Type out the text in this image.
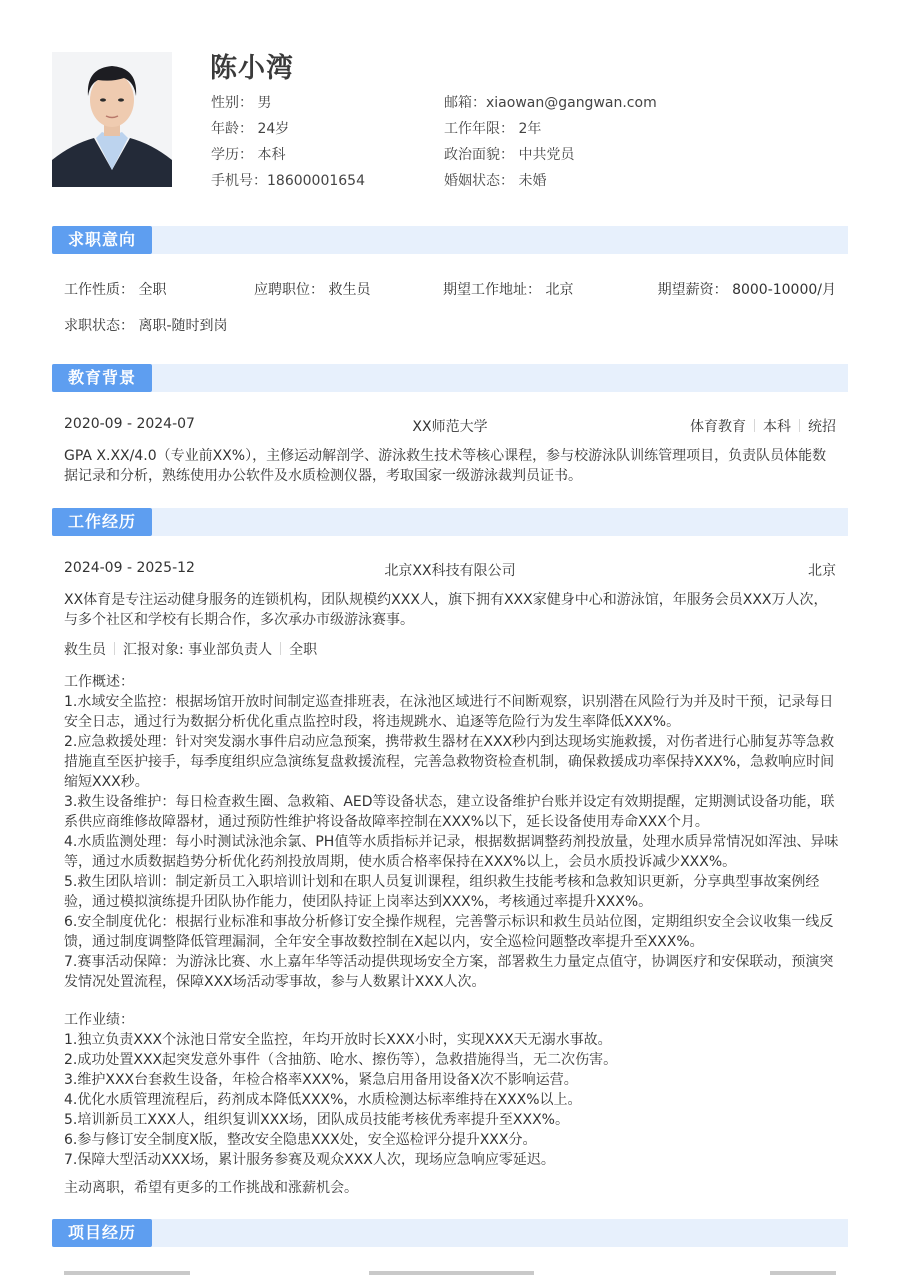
陈小湾
性别： 男
年龄： 24岁
学历： 本科
手机号：18600001654
邮箱：xiaowan@gangwan.com
工作年限： 2年
政治面貌： 中共党员
婚姻状态： 未婚
求职意向
工作性质： 全职	应聘职位： 救生员	期望工作地址： 北京	期望薪资： 8000-10000/月
求职状态： 离职-随时到岗
教育背景
2020-09 - 2024-07	XX师范大学	体育教育 本科 统招
GPA X.XX/4.0（专业前XX%），主修运动解剖学、游泳救生技术等核心课程，参与校游泳队训练管理项目，负责队员体能数据记录和分析，熟练使用办公软件及水质检测仪器，考取国家一级游泳裁判员证书。
工作经历
2024-09 - 2025-12	北京XX科技有限公司	北京
XX体育是专注运动健身服务的连锁机构，团队规模约XXX人，旗下拥有XXX家健身中心和游泳馆，年服务会员XXX万人次，与多个社区和学校有长期合作，多次承办市级游泳赛事。
救生员 汇报对象: 事业部负责人 全职
工作概述：
1.水域安全监控：根据场馆开放时间制定巡查排班表，在泳池区域进行不间断观察，识别潜在风险行为并及时干预，记录每日安全日志，通过行为数据分析优化重点监控时段，将违规跳水、追逐等危险行为发生率降低XXX%。
2.应急救援处理：针对突发溺水事件启动应急预案，携带救生器材在XXX秒内到达现场实施救援，对伤者进行心肺复苏等急救措施直至医护接手，每季度组织应急演练复盘救援流程，完善急救物资检查机制，确保救援成功率保持XXX%，急救响应时间缩短XXX秒。
3.救生设备维护：每日检查救生圈、急救箱、AED等设备状态，建立设备维护台账并设定有效期提醒，定期测试设备功能，联系供应商维修故障器材，通过预防性维护将设备故障率控制在XXX%以下，延长设备使用寿命XXX个月。
4.水质监测处理：每小时测试泳池余氯、PH值等水质指标并记录，根据数据调整药剂投放量，处理水质异常情况如浑浊、异味等，通过水质数据趋势分析优化药剂投放周期，使水质合格率保持在XXX%以上，会员水质投诉减少XXX%。
5.救生团队培训：制定新员工入职培训计划和在职人员复训课程，组织救生技能考核和急救知识更新，分享典型事故案例经验，通过模拟演练提升团队协作能力，使团队持证上岗率达到XXX%，考核通过率提升XXX%。
6.安全制度优化：根据行业标准和事故分析修订安全操作规程，完善警示标识和救生员站位图，定期组织安全会议收集一线反馈，通过制度调整降低管理漏洞，全年安全事故数控制在X起以内，安全巡检问题整改率提升至XXX%。
7.赛事活动保障：为游泳比赛、水上嘉年华等活动提供现场安全方案，部署救生力量定点值守，协调医疗和安保联动，预演突发情况处置流程，保障XXX场活动零事故，参与人数累计XXX人次。
工作业绩：
1.独立负责XXX个泳池日常安全监控，年均开放时长XXX小时，实现XXX天无溺水事故。
2.成功处置XXX起突发意外事件（含抽筋、呛水、擦伤等），急救措施得当，无二次伤害。
3.维护XXX台套救生设备，年检合格率XXX%，紧急启用备用设备X次不影响运营。
4.优化水质管理流程后，药剂成本降低XXX%，水质检测达标率维持在XXX%以上。
5.培训新员工XXX人，组织复训XXX场，团队成员技能考核优秀率提升至XXX%。
6.参与修订安全制度X版，整改安全隐患XXX处，安全巡检评分提升XXX分。
7.保障大型活动XXX场，累计服务参赛及观众XXX人次，现场应急响应零延迟。
主动离职，希望有更多的工作挑战和涨薪机会。
项目经历
